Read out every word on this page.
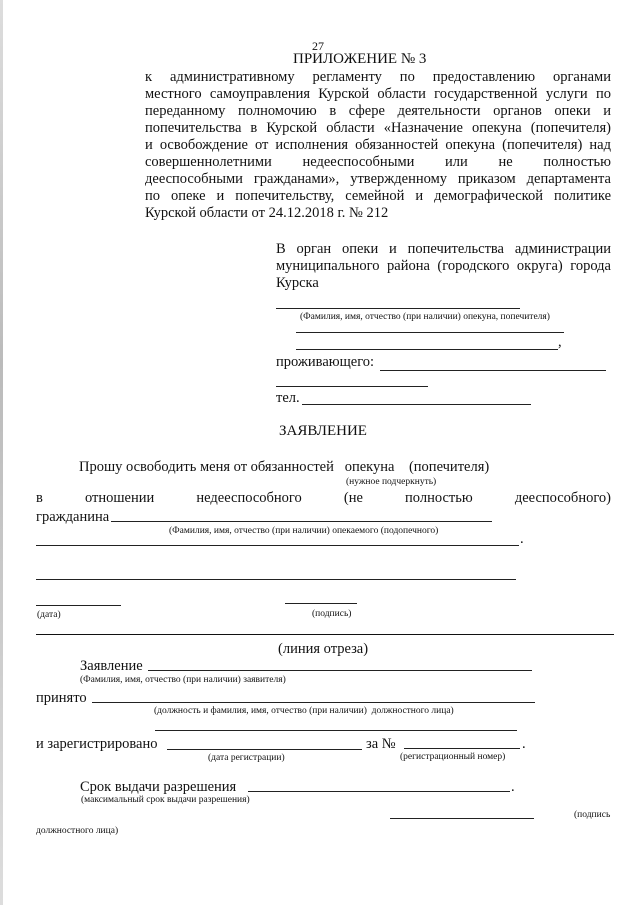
27
ПРИЛОЖЕНИЕ № 3
к административному регламенту по предоставлению органами
местного самоуправления Курской области государственной услуги по
переданному полномочию в сфере деятельности органов опеки и
попечительства в Курской области «Назначение опекуна (попечителя)
и освобождение от исполнения обязанностей опекуна (попечителя) над
совершеннолетними недееспособными или не полностью
дееспособными гражданами», утвержденному приказом департамента
по опеке и попечительству, семейной и демографической политике
Курской области от 24.12.2018 г. № 212
В орган опеки и попечительства администрации
муниципального района (городского округа) города
Курска
(Фамилия, имя, отчество (при наличии) опекуна, попечителя)
,
проживающего:
тел.
ЗАЯВЛЕНИЕ
Прошу освободить меня от обязанностей   опекуна    (попечителя)
(нужное подчеркнуть)
в отношении недееспособного (не полностью дееспособного)
гражданина
(Фамилия, имя, отчество (при наличии) опекаемого (подопечного)	.
(дата)	(подпись)
(линия отреза)
Заявление
(Фамилия, имя, отчество (при наличии) заявителя)
принято
(должность и фамилия, имя, отчество (при наличии)  должностного лица)
и зарегистрировано	за №	.
(дата регистрации)	(регистрационный номер)
Срок выдачи разрешения	.
(максимальный срок выдачи разрешения)
(подпись
должностного лица)
